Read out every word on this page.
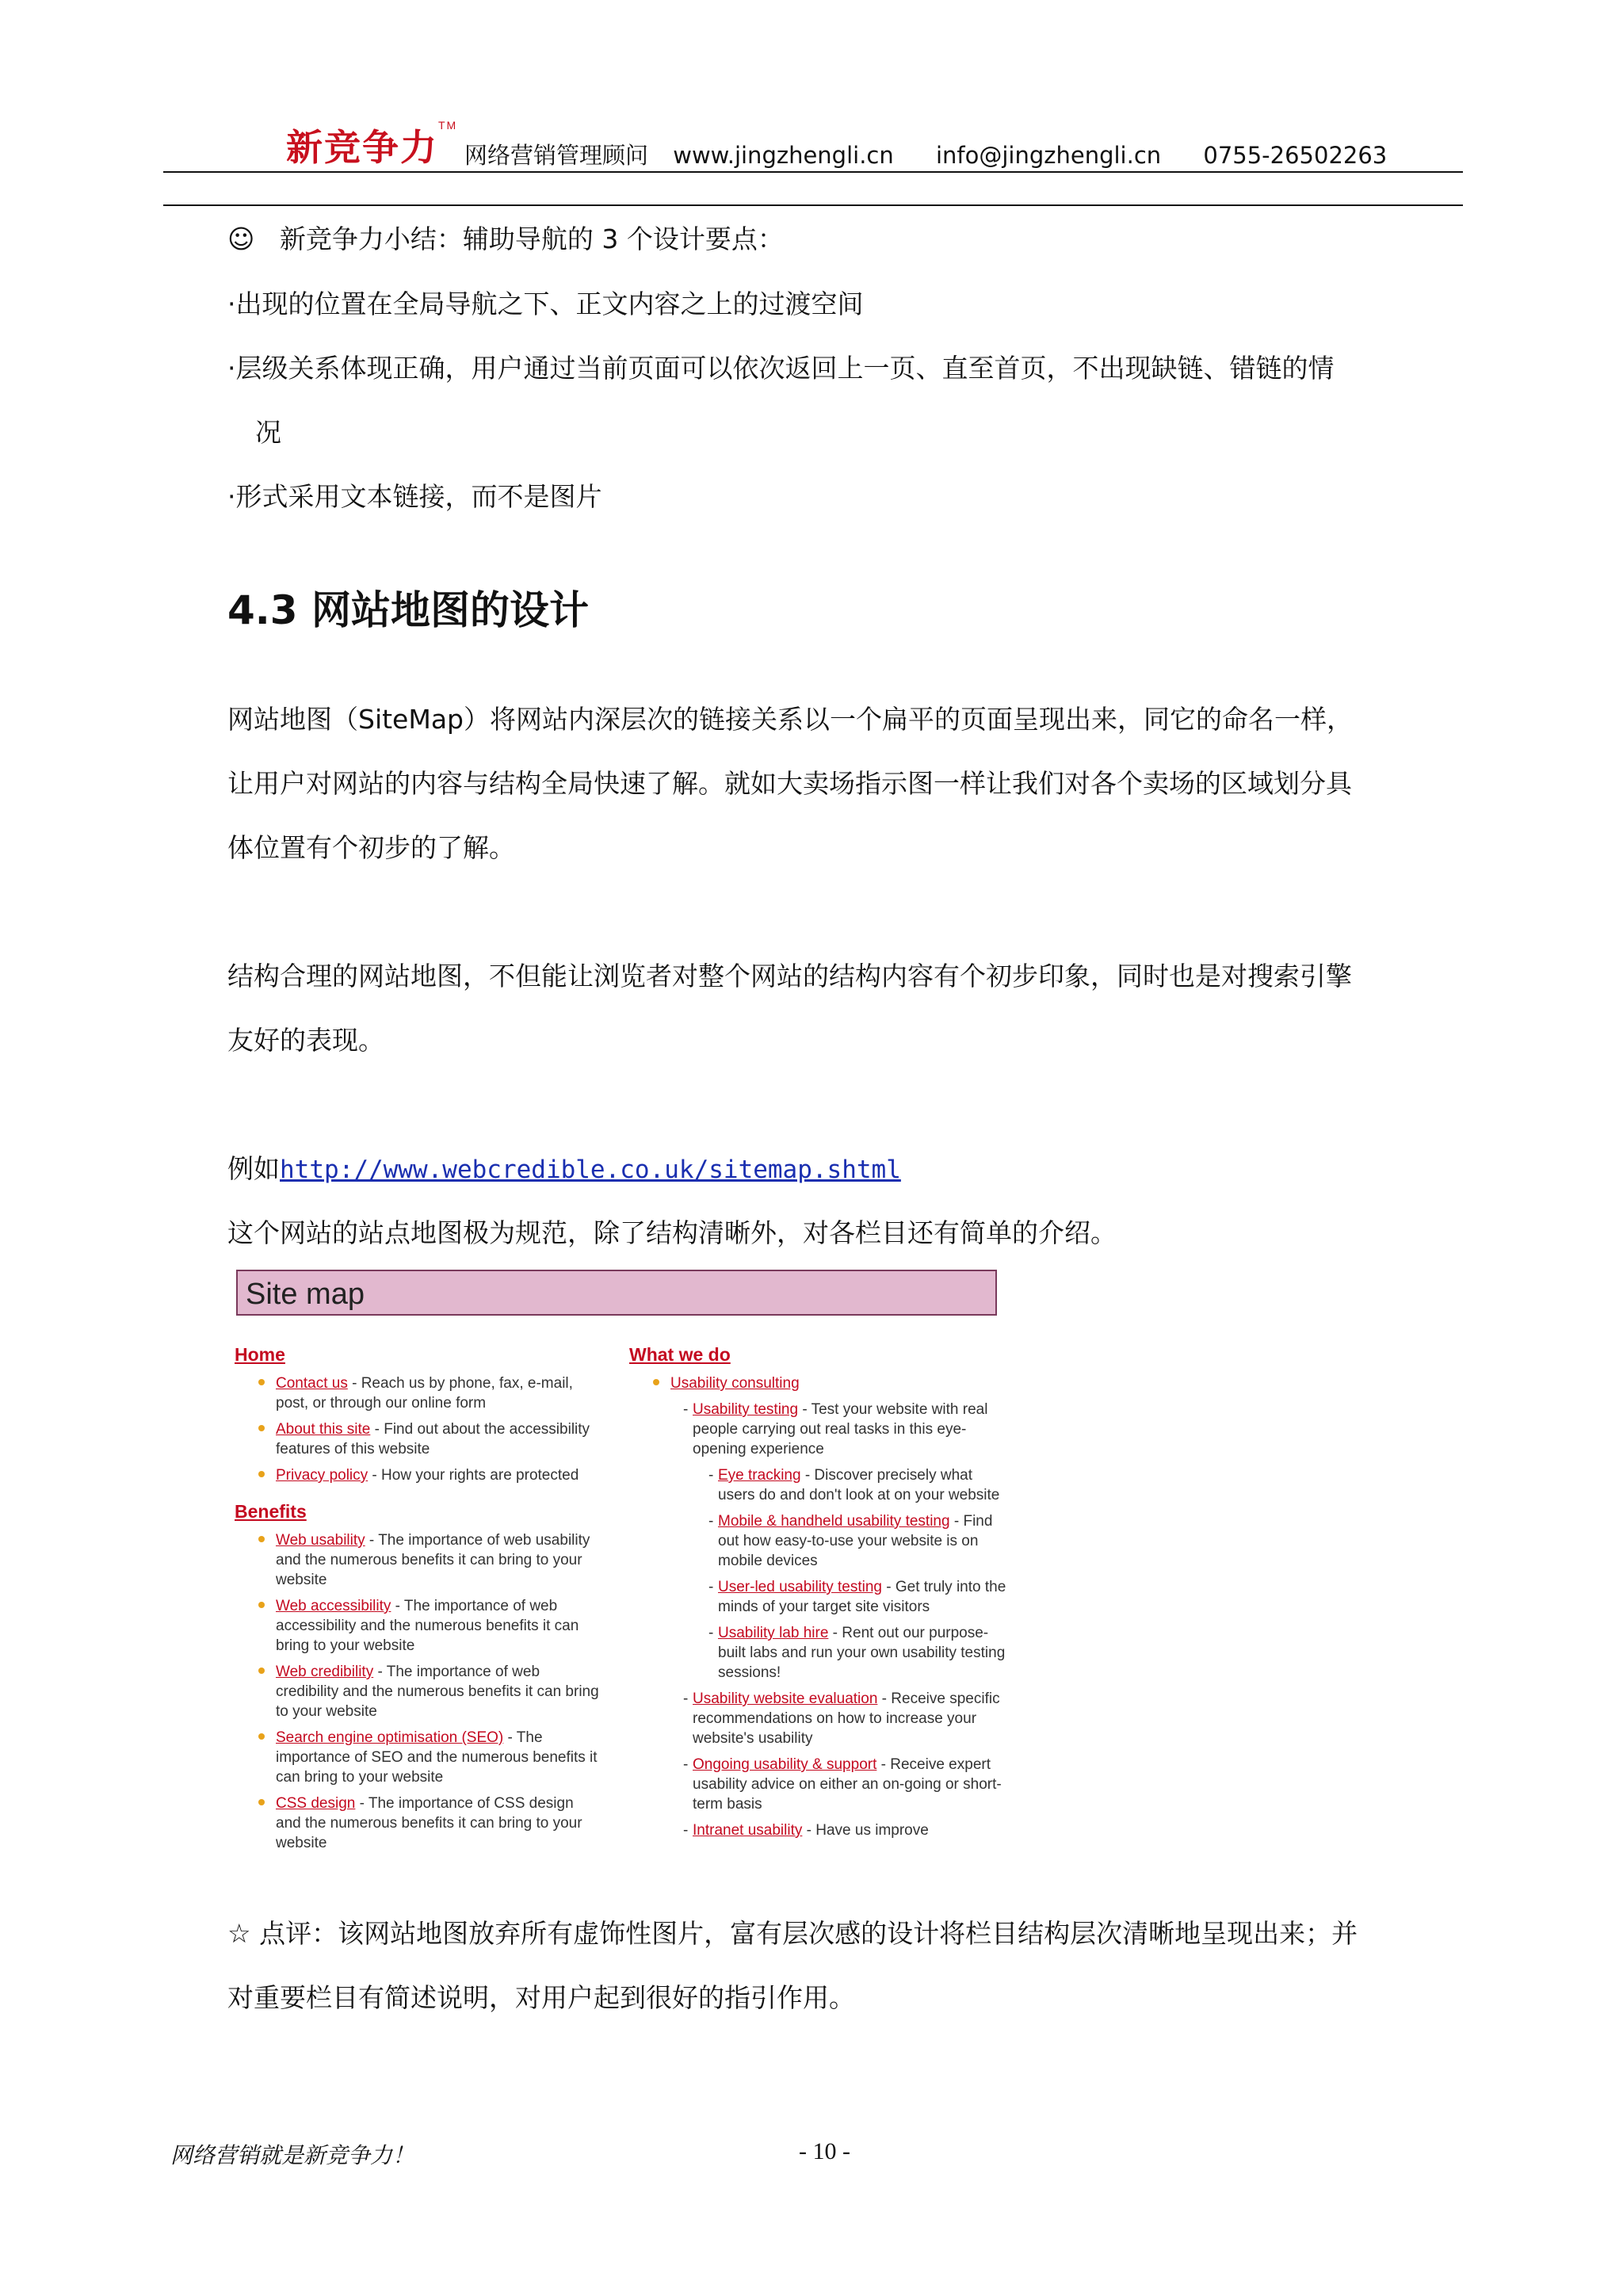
新竞争力™
网络营销管理顾问 www.jingzhengli.cn info@jingzhengli.cn 0755-26502263
☺ 新竞争力小结：辅助导航的 3 个设计要点：
·出现的位置在全局导航之下、正文内容之上的过渡空间
·层级关系体现正确，用户通过当前页面可以依次返回上一页、直至首页，不出现缺链、错链的情
况
·形式采用文本链接，而不是图片
4.3 网站地图的设计
网站地图（SiteMap）将网站内深层次的链接关系以一个扁平的页面呈现出来，同它的命名一样，
让用户对网站的内容与结构全局快速了解。就如大卖场指示图一样让我们对各个卖场的区域划分具
体位置有个初步的了解。
结构合理的网站地图，不但能让浏览者对整个网站的结构内容有个初步印象，同时也是对搜索引擎
友好的表现。
例如http://www.webcredible.co.uk/sitemap.shtml
这个网站的站点地图极为规范，除了结构清晰外，对各栏目还有简单的介绍。
Site map
Home
Contact us - Reach us by phone, fax, e-mail, post, or through our online form
About this site - Find out about the accessibility features of this website
Privacy policy - How your rights are protected
Benefits
Web usability - The importance of web usability and the numerous benefits it can bring to your website
Web accessibility - The importance of web accessibility and the numerous benefits it can bring to your website
Web credibility - The importance of web credibility and the numerous benefits it can bring to your website
Search engine optimisation (SEO) - The importance of SEO and the numerous benefits it can bring to your website
CSS design - The importance of CSS design and the numerous benefits it can bring to your website
What we do
Usability consulting
- Usability testing - Test your website with real people carrying out real tasks in this eye-opening experience
- Eye tracking - Discover precisely what users do and don't look at on your website
- Mobile & handheld usability testing - Find out how easy-to-use your website is on mobile devices
- User-led usability testing - Get truly into the minds of your target site visitors
- Usability lab hire - Rent out our purpose-built labs and run your own usability testing sessions!
- Usability website evaluation - Receive specific recommendations on how to increase your website's usability
- Ongoing usability & support - Receive expert usability advice on either an on-going or short-term basis
- Intranet usability - Have us improve
☆ 点评：该网站地图放弃所有虚饰性图片，富有层次感的设计将栏目结构层次清晰地呈现出来；并
对重要栏目有简述说明，对用户起到很好的指引作用。
网络营销就是新竞争力！	- 10 -
